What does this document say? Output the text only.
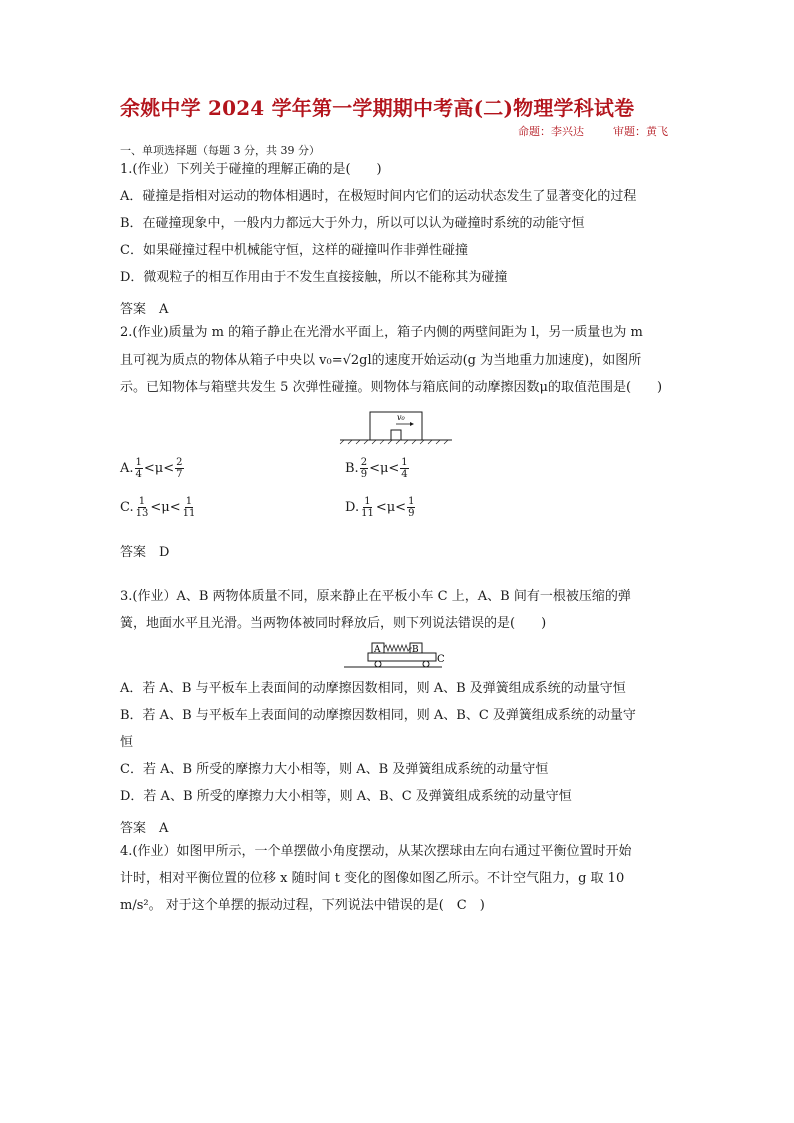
余姚中学 2024 学年第一学期期中考高(二)物理学科试卷
命题：李兴达	审题：黄飞
一、单项选择题（每题 3 分，共 39 分）
1.(作业）下列关于碰撞的理解正确的是(　　)
A．碰撞是指相对运动的物体相遇时，在极短时间内它们的运动状态发生了显著变化的过程
B．在碰撞现象中，一般内力都远大于外力，所以可以认为碰撞时系统的动能守恒
C．如果碰撞过程中机械能守恒，这样的碰撞叫作非弹性碰撞
D．微观粒子的相互作用由于不发生直接接触，所以不能称其为碰撞
答案　A
2.(作业)质量为 m 的箱子静止在光滑水平面上，箱子内侧的两壁间距为 l，另一质量也为 m
且可视为质点的物体从箱子中央以 v₀=√2gl的速度开始运动(g 为当地重力加速度)，如图所
示。已知物体与箱壁共发生 5 次弹性碰撞。则物体与箱底间的动摩擦因数μ的取值范围是(　　)
v₀
A. $\frac{1}{4} <\mu< \frac{2}{7}$	B. $\frac{2}{9} <\mu< \frac{1}{4}$
C. $\frac{1}{13} <\mu< \frac{1}{11}$	D. $\frac{1}{11} <\mu< \frac{1}{9}$
答案　D
3.(作业）A、B 两物体质量不同，原来静止在平板小车 C 上，A、B 间有一根被压缩的弹
簧，地面水平且光滑。当两物体被同时释放后，则下列说法错误的是(　　)
A	B
C
A．若 A、B 与平板车上表面间的动摩擦因数相同，则 A、B 及弹簧组成系统的动量守恒
B．若 A、B 与平板车上表面间的动摩擦因数相同，则 A、B、C 及弹簧组成系统的动量守
恒
C．若 A、B 所受的摩擦力大小相等，则 A、B 及弹簧组成系统的动量守恒
D．若 A、B 所受的摩擦力大小相等，则 A、B、C 及弹簧组成系统的动量守恒
答案　A
4.(作业）如图甲所示，一个单摆做小角度摆动，从某次摆球由左向右通过平衡位置时开始
计时，相对平衡位置的位移 x 随时间 t 变化的图像如图乙所示。不计空气阻力，g 取 10
m/s²。 对于这个单摆的振动过程，下列说法中错误的是(　C　)
